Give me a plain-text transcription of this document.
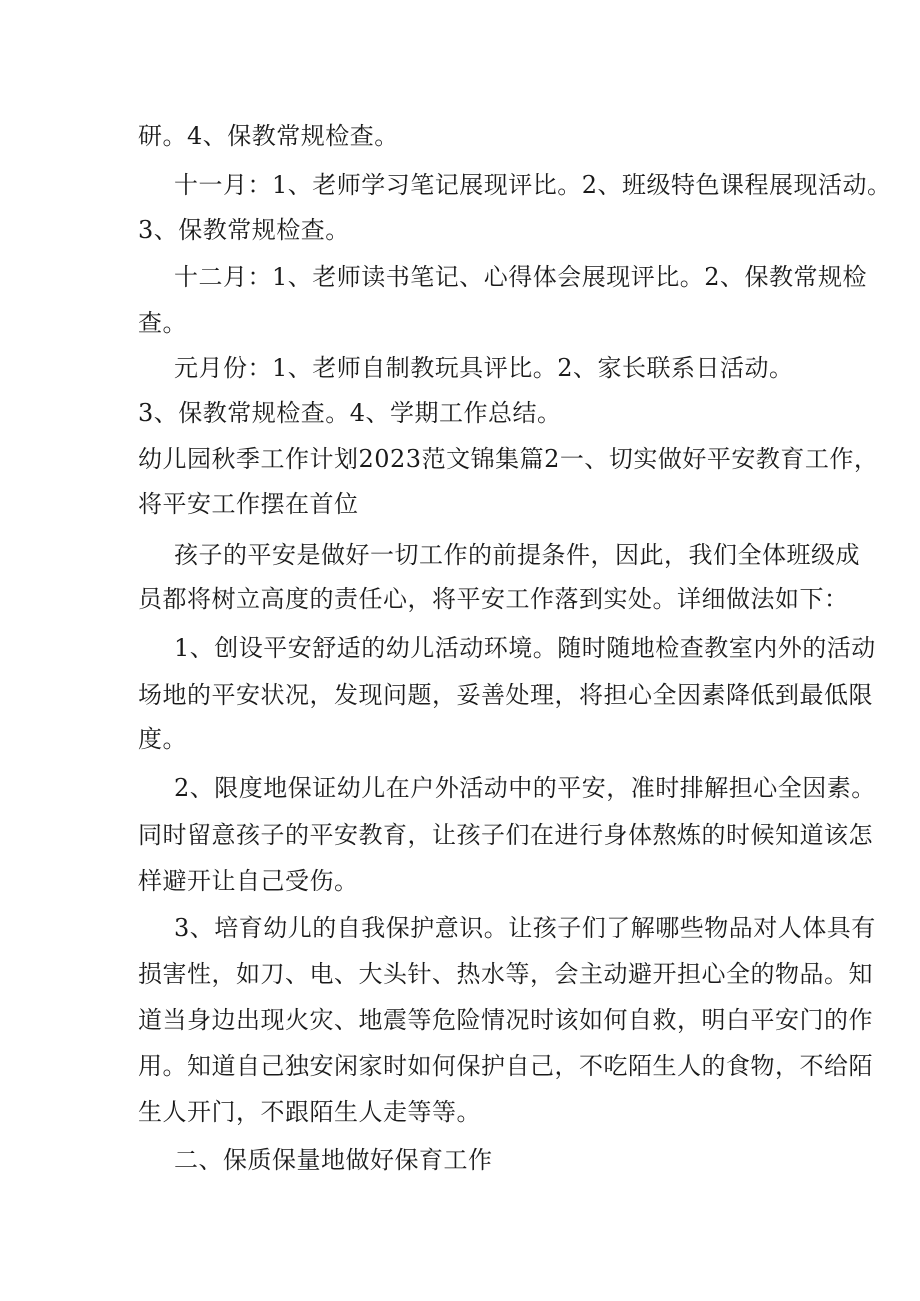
研。4、保教常规检查。
十一月：1、老师学习笔记展现评比。2、班级特色课程展现活动。
3、保教常规检查。
十二月：1、老师读书笔记、心得体会展现评比。2、保教常规检
查。
元月份：1、老师自制教玩具评比。2、家长联系日活动。
3、保教常规检查。4、学期工作总结。
幼儿园秋季工作计划2023范文锦集篇2一、切实做好平安教育工作，
将平安工作摆在首位
孩子的平安是做好一切工作的前提条件，因此，我们全体班级成
员都将树立高度的责任心，将平安工作落到实处。详细做法如下：
1、创设平安舒适的幼儿活动环境。随时随地检查教室内外的活动
场地的平安状况，发现问题，妥善处理，将担心全因素降低到最低限
度。
2、限度地保证幼儿在户外活动中的平安，准时排解担心全因素。
同时留意孩子的平安教育，让孩子们在进行身体熬炼的时候知道该怎
样避开让自己受伤。
3、培育幼儿的自我保护意识。让孩子们了解哪些物品对人体具有
损害性，如刀、电、大头针、热水等，会主动避开担心全的物品。知
道当身边出现火灾、地震等危险情况时该如何自救，明白平安门的作
用。知道自己独安闲家时如何保护自己，不吃陌生人的食物，不给陌
生人开门，不跟陌生人走等等。
二、保质保量地做好保育工作
